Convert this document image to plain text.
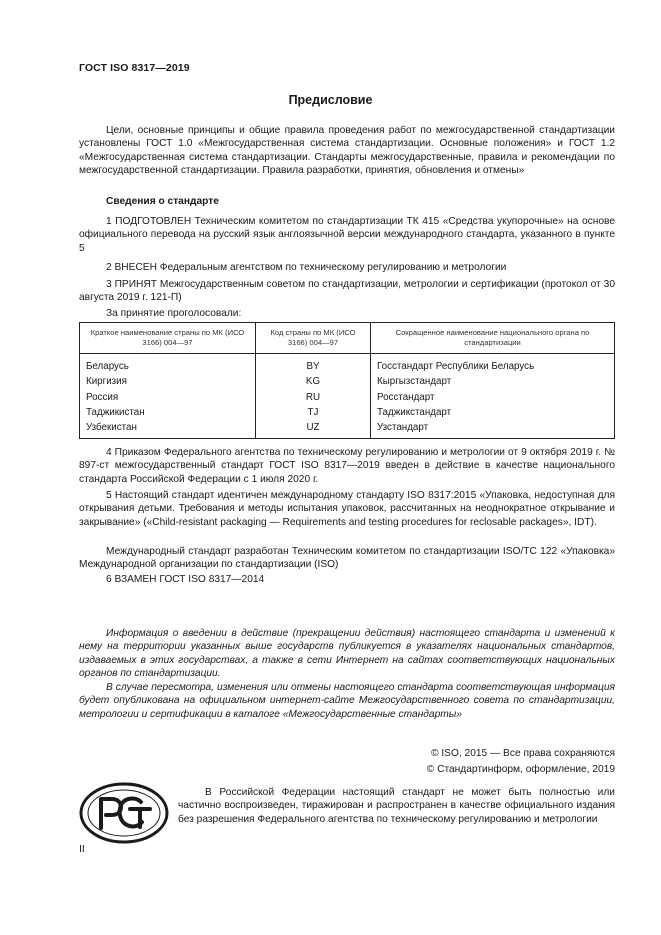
ГОСТ ISO 8317—2019
Предисловие

Цели, основные принципы и общие правила проведения работ по межгосударственной стандартизации установлены ГОСТ 1.0 «Межгосударственная система стандартизации. Основные положения» и ГОСТ 1.2 «Межгосударственная система стандартизации. Стандарты межгосударственные, правила и рекомендации по межгосударственной стандартизации. Правила разработки, принятия, обновления и отмены»

Сведения о стандарте

1 ПОДГОТОВЛЕН Техническим комитетом по стандартизации ТК 415 «Средства укупорочные» на основе официального перевода на русский язык англоязычной версии международного стандарта, указанного в пункте 5

2 ВНЕСЕН Федеральным агентством по техническому регулированию и метрологии

3 ПРИНЯТ Межгосударственным советом по стандартизации, метрологии и сертификации (протокол от 30 августа 2019 г. 121-П)

За принятие проголосовали:

Краткое наименование страны по МК (ИСО 3166) 004—97	Код страны по МК (ИСО 3166) 004—97	Сокращенное наименование национального органа по стандартизации
Беларусь	BY	Госстандарт Республики Беларусь
Киргизия	KG	Кыргызстандарт
Россия	RU	Росстандарт
Таджикистан	TJ	Таджикстандарт
Узбекистан	UZ	Узстандарт

4 Приказом Федерального агентства по техническому регулированию и метрологии от 9 октября 2019 г. № 897-ст межгосударственный стандарт ГОСТ ISO 8317—2019 введен в действие в качестве национального стандарта Российской Федерации с 1 июля 2020 г.

5 Настоящий стандарт идентичен международному стандарту ISO 8317:2015 «Упаковка, недоступная для открывания детьми. Требования и методы испытания упаковок, рассчитанных на неоднократное открывание и закрывание» («Child-resistant packaging — Requirements and testing procedures for reclosable packages», IDT).

Международный стандарт разработан Техническим комитетом по стандартизации ISO/TC 122 «Упаковка» Международной организации по стандартизации (ISO)

6 ВЗАМЕН ГОСТ ISO 8317—2014

Информация о введении в действие (прекращении действия) настоящего стандарта и изменений к нему на территории указанных выше государств публикуется в указателях национальных стандартов, издаваемых в этих государствах, а также в сети Интернет на сайтах соответствующих национальных органов по стандартизации.

В случае пересмотра, изменения или отмены настоящего стандарта соответствующая информация будет опубликована на официальном интернет-сайте Межгосударственного совета по стандартизации, метрологии и сертификации в каталоге «Межгосударственные стандарты»

© ISO, 2015 — Все права сохраняются
© Стандартинформ, оформление, 2019

В Российской Федерации настоящий стандарт не может быть полностью или частично воспроизведен, тиражирован и распространен в качестве официального издания без разрешения Федерального агентства по техническому регулированию и метрологии

II
